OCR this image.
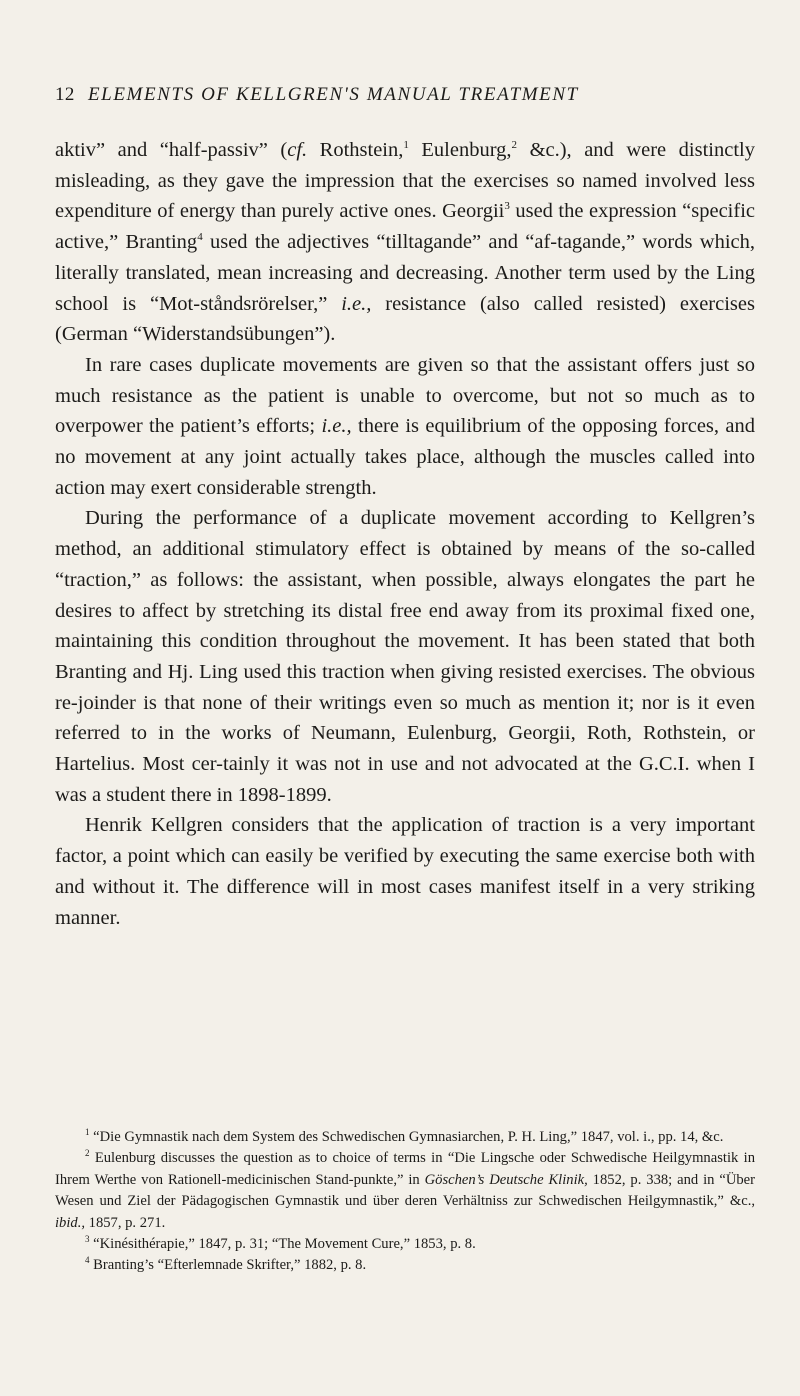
12 ELEMENTS OF KELLGREN'S MANUAL TREATMENT

aktiv” and “half-passiv” (cf. Rothstein,$^1$ Eulenburg,$^2$ &c.), and were distinctly misleading, as they gave the impression that the exercises so named involved less expenditure of energy than purely active ones. Georgii$^3$ used the expression “specific active,” Branting$^4$ used the adjectives “tilltagande” and “af-tagande,” words which, literally translated, mean increasing and decreasing. Another term used by the Ling school is “Mot-ståndsrörelser,” i.e., resistance (also called resisted) exercises (German “Widerstandsübungen”).

In rare cases duplicate movements are given so that the assistant offers just so much resistance as the patient is unable to overcome, but not so much as to overpower the patient’s efforts; i.e., there is equilibrium of the opposing forces, and no movement at any joint actually takes place, although the muscles called into action may exert considerable strength.

During the performance of a duplicate movement according to Kellgren’s method, an additional stimulatory effect is obtained by means of the so-called “traction,” as follows: the assistant, when possible, always elongates the part he desires to affect by stretching its distal free end away from its proximal fixed one, maintaining this condition throughout the movement. It has been stated that both Branting and Hj. Ling used this traction when giving resisted exercises. The obvious re-joinder is that none of their writings even so much as mention it; nor is it even referred to in the works of Neumann, Eulenburg, Georgii, Roth, Rothstein, or Hartelius. Most cer-tainly it was not in use and not advocated at the G.C.I. when I was a student there in 1898-1899.

Henrik Kellgren considers that the application of traction is a very important factor, a point which can easily be verified by executing the same exercise both with and without it. The difference will in most cases manifest itself in a very striking manner.

$^1$ “Die Gymnastik nach dem System des Schwedischen Gymnasiarchen, P. H. Ling,” 1847, vol. i., pp. 14, &c.

$^2$ Eulenburg discusses the question as to choice of terms in “Die Lingsche oder Schwedische Heilgymnastik in Ihrem Werthe von Rationell-medicinischen Stand-punkte,” in Göschen’s Deutsche Klinik, 1852, p. 338; and in “Über Wesen und Ziel der Pädagogischen Gymnastik und über deren Verhältniss zur Schwedischen Heilgymnastik,” &c., ibid., 1857, p. 271.

$^3$ “Kinésithérapie,” 1847, p. 31; “The Movement Cure,” 1853, p. 8.

$^4$ Branting’s “Efterlemnade Skrifter,” 1882, p. 8.
